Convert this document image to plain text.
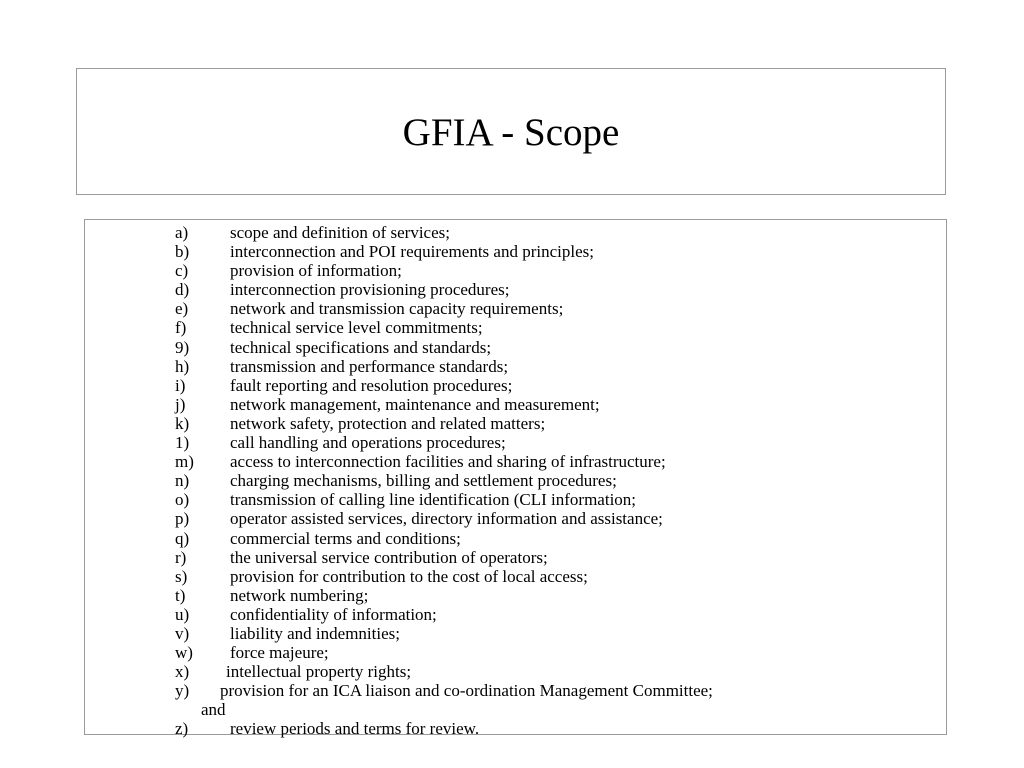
GFIA - Scope
a) scope and definition of services;
b) interconnection and POI requirements and principles;
c) provision of information;
d) interconnection provisioning procedures;
e) network and transmission capacity requirements;
f)	technical service level commitments;
9) technical specifications and standards;
h) transmission and performance standards;
i)	fault reporting and resolution procedures;
j)	network management, maintenance and measurement;
k) network safety, protection and related matters;
1) call handling and operations procedures;
m) access to interconnection facilities and sharing of infrastructure;
n) charging mechanisms, billing and settlement procedures;
o) transmission of calling line identification (CLI information;
p) operator assisted services, directory information and assistance;
q) commercial terms and conditions;
r)	the universal service contribution of operators;
s)	provision for contribution to the cost of local access;
t)	network numbering;
u) confidentiality of information;
v) liability and indemnities;
w) force majeure;
x) intellectual property rights;
y) provision for an ICA liaison and co-ordination Management Committee;
and
z) review periods and terms for review.
